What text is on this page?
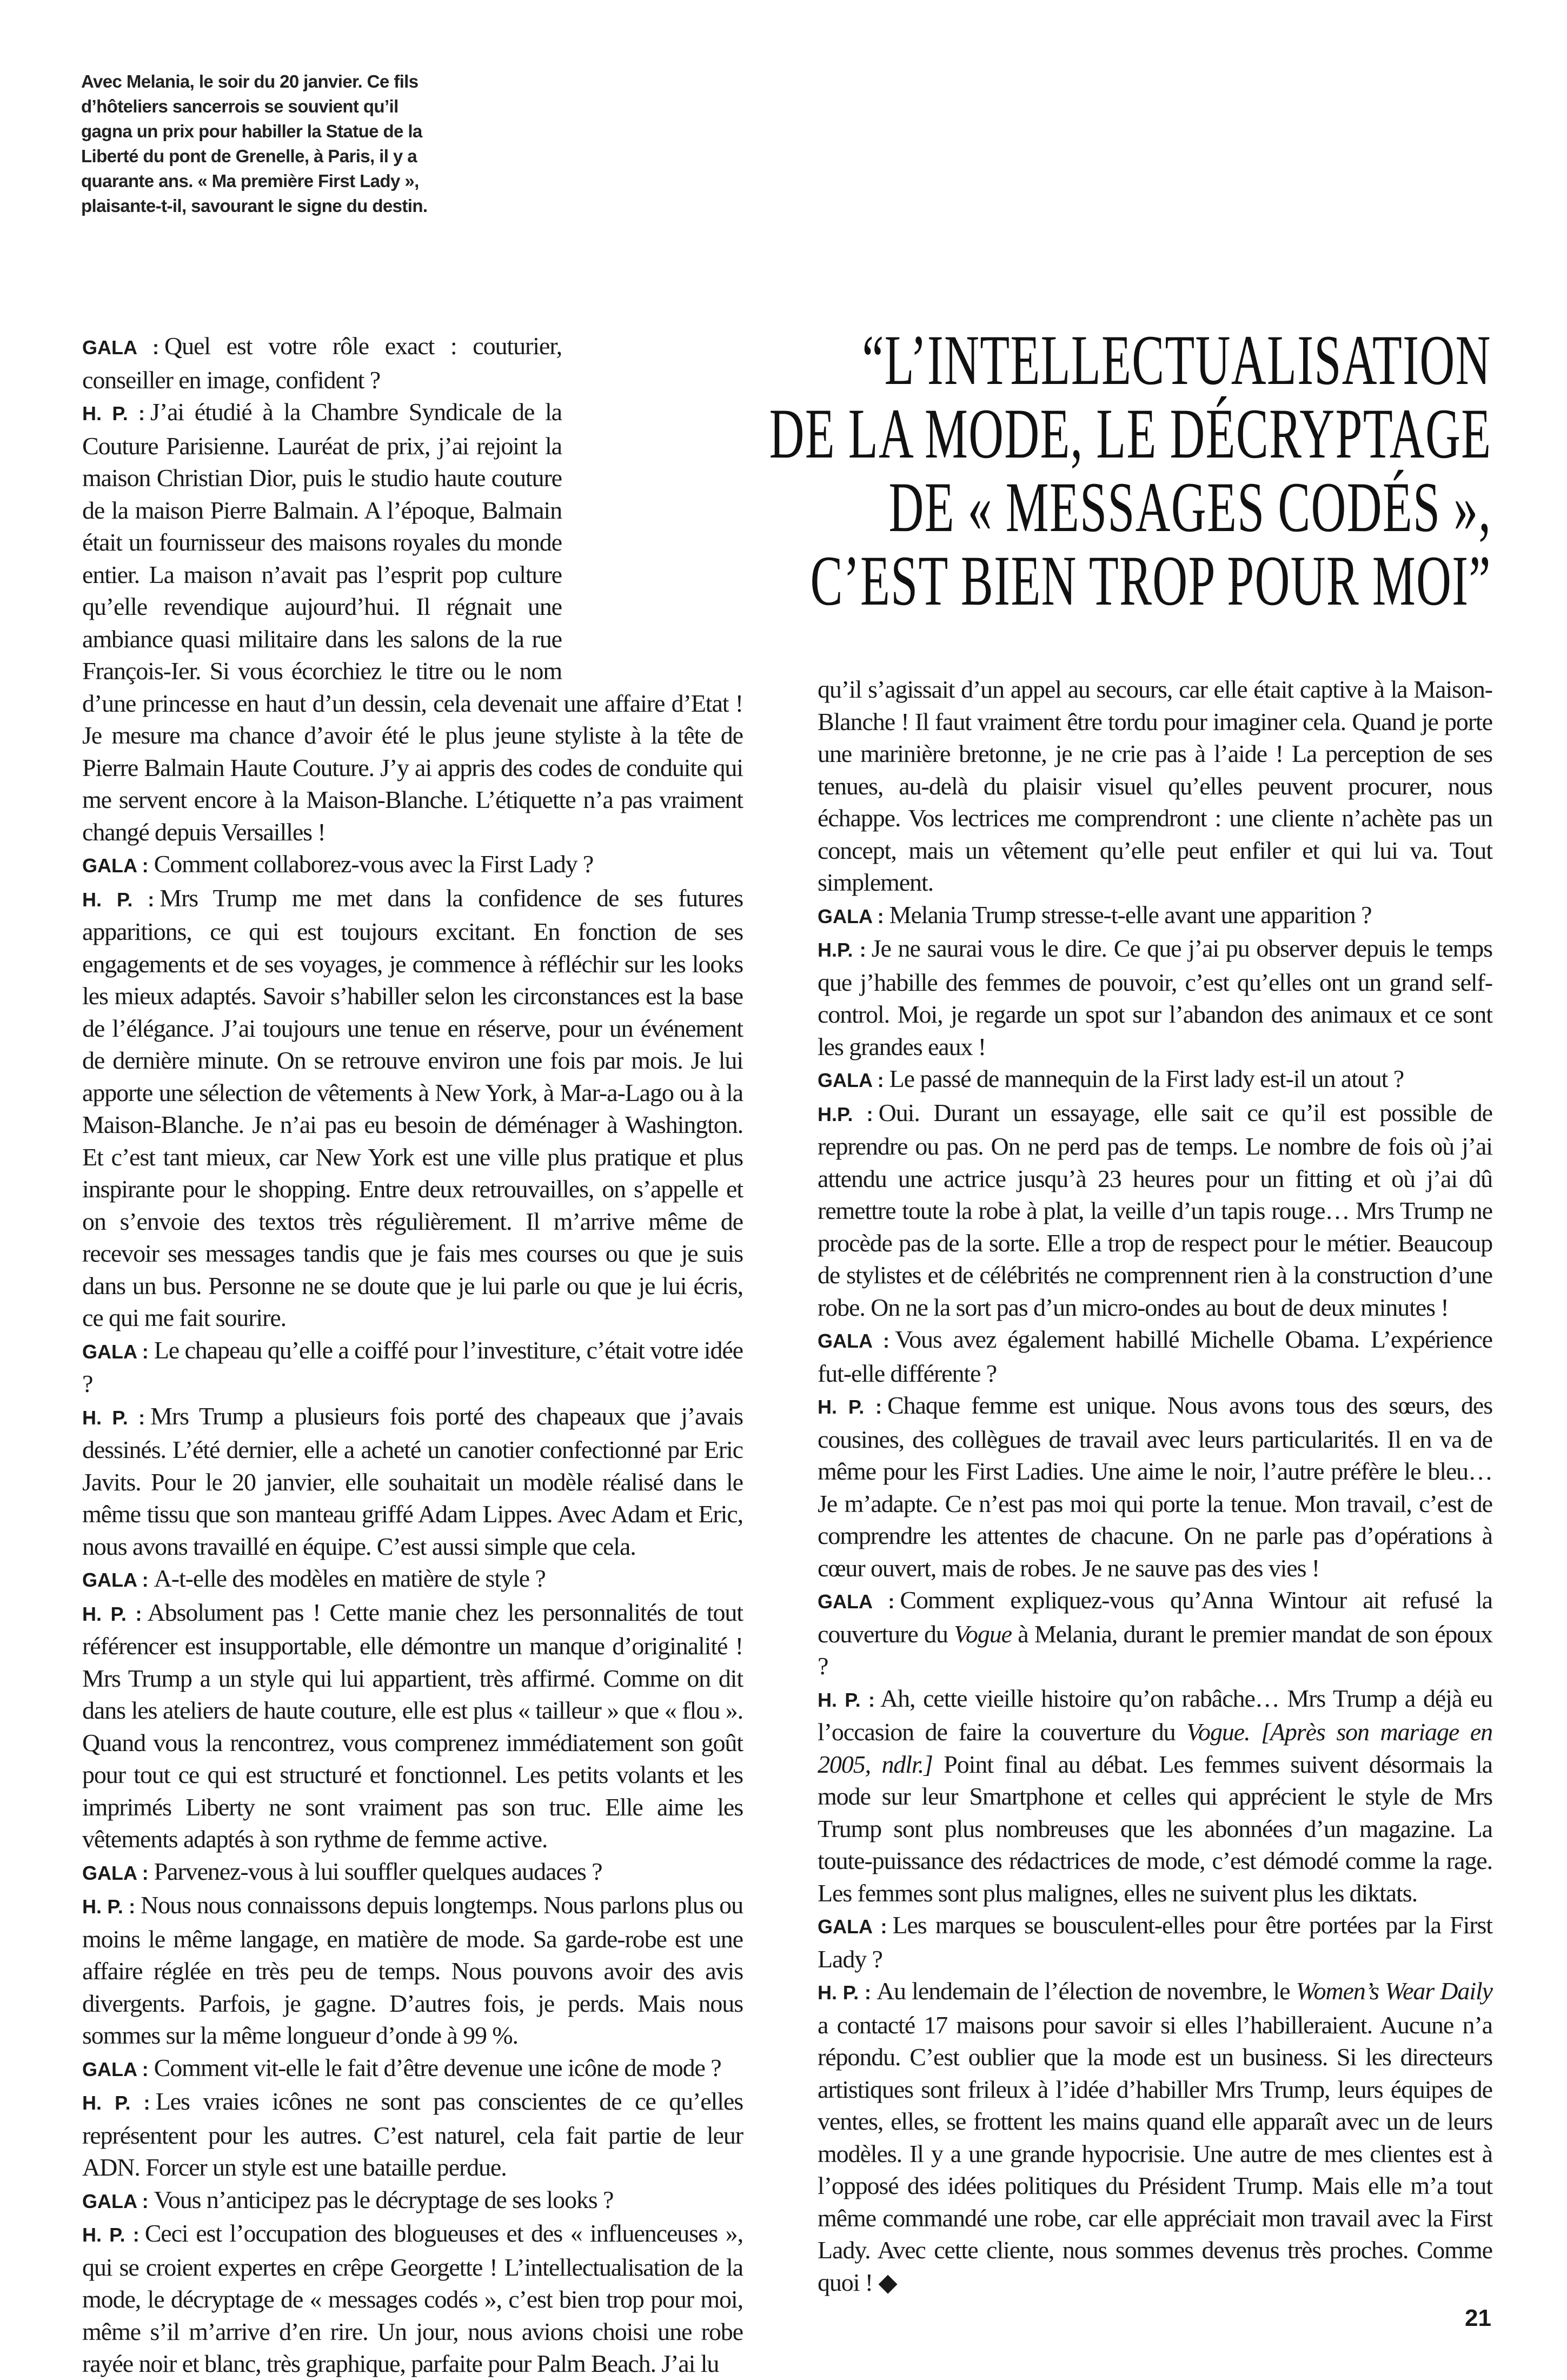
Avec Melania, le soir du 20 janvier. Ce fils d’hôteliers sancerrois se souvient qu’il gagna un prix pour habiller la Statue de la Liberté du pont de Grenelle, à Paris, il y a quarante ans. « Ma première First Lady », plaisante-t-il, savourant le signe du destin.
“L’INTELLECTUALISATION
DE LA MODE, LE DÉCRYPTAGE
DE « MESSAGES CODÉS »,
C’EST BIEN TROP POUR MOI”

GALA : Quel est votre rôle exact : couturier, conseiller en image, confident ?

H. P. : J’ai étudié à la Chambre Syndicale de la Couture Parisienne. Lauréat de prix, j’ai rejoint la maison Christian Dior, puis le studio haute couture de la maison Pierre Balmain. A l’époque, Balmain était un fournisseur des maisons royales du monde entier. La maison n’avait pas l’esprit pop culture qu’elle revendique aujourd’hui. Il régnait une ambiance quasi militaire dans les salons de la rue François-Ier. Si vous écorchiez le titre ou le nom d’une princesse en haut d’un dessin, cela devenait une affaire d’Etat ! Je mesure ma chance d’avoir été le plus jeune styliste à la tête de Pierre Balmain Haute Couture. J’y ai appris des codes de conduite qui me servent encore à la Maison-Blanche. L’étiquette n’a pas vraiment changé depuis Versailles !

GALA : Comment collaborez-vous avec la First Lady ?

H. P. : Mrs Trump me met dans la confidence de ses futures apparitions, ce qui est toujours excitant. En fonction de ses engagements et de ses voyages, je commence à réfléchir sur les looks les mieux adaptés. Savoir s’habiller selon les circonstances est la base de l’élégance. J’ai toujours une tenue en réserve, pour un événement de dernière minute. On se retrouve environ une fois par mois. Je lui apporte une sélection de vêtements à New York, à Mar-a-Lago ou à la Maison-Blanche. Je n’ai pas eu besoin de déménager à Washington. Et c’est tant mieux, car New York est une ville plus pratique et plus inspirante pour le shopping. Entre deux retrouvailles, on s’appelle et on s’envoie des textos très régulièrement. Il m’arrive même de recevoir ses messages tandis que je fais mes courses ou que je suis dans un bus. Personne ne se doute que je lui parle ou que je lui écris, ce qui me fait sourire.

GALA : Le chapeau qu’elle a coiffé pour l’investiture, c’était votre idée ?

H. P. : Mrs Trump a plusieurs fois porté des chapeaux que j’avais dessinés. L’été dernier, elle a acheté un canotier confectionné par Eric Javits. Pour le 20 janvier, elle souhaitait un modèle réalisé dans le même tissu que son manteau griffé Adam Lippes. Avec Adam et Eric, nous avons travaillé en équipe. C’est aussi simple que cela.

GALA : A-t-elle des modèles en matière de style ?

H. P. : Absolument pas ! Cette manie chez les personnalités de tout référencer est insupportable, elle démontre un manque d’originalité ! Mrs Trump a un style qui lui appartient, très affirmé. Comme on dit dans les ateliers de haute couture, elle est plus « tailleur » que « flou ». Quand vous la rencontrez, vous comprenez immédiatement son goût pour tout ce qui est structuré et fonctionnel. Les petits volants et les imprimés Liberty ne sont vraiment pas son truc. Elle aime les vêtements adaptés à son rythme de femme active.

GALA : Parvenez-vous à lui souffler quelques audaces ?

H. P. : Nous nous connaissons depuis longtemps. Nous parlons plus ou moins le même langage, en matière de mode. Sa garde-robe est une affaire réglée en très peu de temps. Nous pouvons avoir des avis divergents. Parfois, je gagne. D’autres fois, je perds. Mais nous sommes sur la même longueur d’onde à 99 %.

GALA : Comment vit-elle le fait d’être devenue une icône de mode ?

H. P. : Les vraies icônes ne sont pas conscientes de ce qu’elles représentent pour les autres. C’est naturel, cela fait partie de leur ADN. Forcer un style est une bataille perdue.

GALA : Vous n’anticipez pas le décryptage de ses looks ?

H. P. : Ceci est l’occupation des blogueuses et des « influenceuses », qui se croient expertes en crêpe Georgette ! L’intellectualisation de la mode, le décryptage de « messages codés », c’est bien trop pour moi, même s’il m’arrive d’en rire. Un jour, nous avions choisi une robe rayée noir et blanc, très graphique, parfaite pour Palm Beach. J’ai lu

qu’il s’agissait d’un appel au secours, car elle était captive à la Maison-Blanche ! Il faut vraiment être tordu pour imaginer cela. Quand je porte une marinière bretonne, je ne crie pas à l’aide ! La perception de ses tenues, au-delà du plaisir visuel qu’elles peuvent procurer, nous échappe. Vos lectrices me comprendront : une cliente n’achète pas un concept, mais un vêtement qu’elle peut enfiler et qui lui va. Tout simplement.

GALA : Melania Trump stresse-t-elle avant une apparition ?

H.P. : Je ne saurai vous le dire. Ce que j’ai pu observer depuis le temps que j’habille des femmes de pouvoir, c’est qu’elles ont un grand self-control. Moi, je regarde un spot sur l’abandon des animaux et ce sont les grandes eaux !

GALA : Le passé de mannequin de la First lady est-il un atout ?

H.P. : Oui. Durant un essayage, elle sait ce qu’il est possible de reprendre ou pas. On ne perd pas de temps. Le nombre de fois où j’ai attendu une actrice jusqu’à 23 heures pour un fitting et où j’ai dû remettre toute la robe à plat, la veille d’un tapis rouge… Mrs Trump ne procède pas de la sorte. Elle a trop de respect pour le métier. Beaucoup de stylistes et de célébrités ne comprennent rien à la construction d’une robe. On ne la sort pas d’un micro-ondes au bout de deux minutes !

GALA : Vous avez également habillé Michelle Obama. L’expérience fut-elle différente ?

H. P. : Chaque femme est unique. Nous avons tous des sœurs, des cousines, des collègues de travail avec leurs particularités. Il en va de même pour les First Ladies. Une aime le noir, l’autre préfère le bleu… Je m’adapte. Ce n’est pas moi qui porte la tenue. Mon travail, c’est de comprendre les attentes de chacune. On ne parle pas d’opérations à cœur ouvert, mais de robes. Je ne sauve pas des vies !

GALA : Comment expliquez-vous qu’Anna Wintour ait refusé la couverture du Vogue à Melania, durant le premier mandat de son époux ?

H. P. : Ah, cette vieille histoire qu’on rabâche… Mrs Trump a déjà eu l’occasion de faire la couverture du Vogue. [Après son mariage en 2005, ndlr.] Point final au débat. Les femmes suivent désormais la mode sur leur Smartphone et celles qui apprécient le style de Mrs Trump sont plus nombreuses que les abonnées d’un magazine. La toute-puissance des rédactrices de mode, c’est démodé comme la rage. Les femmes sont plus malignes, elles ne suivent plus les diktats.

GALA : Les marques se bousculent-elles pour être portées par la First Lady ?

H. P. : Au lendemain de l’élection de novembre, le Women’s Wear Daily a contacté 17 maisons pour savoir si elles l’habilleraient. Aucune n’a répondu. C’est oublier que la mode est un business. Si les directeurs artistiques sont frileux à l’idée d’habiller Mrs Trump, leurs équipes de ventes, elles, se frottent les mains quand elle apparaît avec un de leurs modèles. Il y a une grande hypocrisie. Une autre de mes clientes est à l’opposé des idées politiques du Président Trump. Mais elle m’a tout même commandé une robe, car elle appréciait mon travail avec la First Lady. Avec cette cliente, nous sommes devenus très proches. Comme quoi ! ◆

21
